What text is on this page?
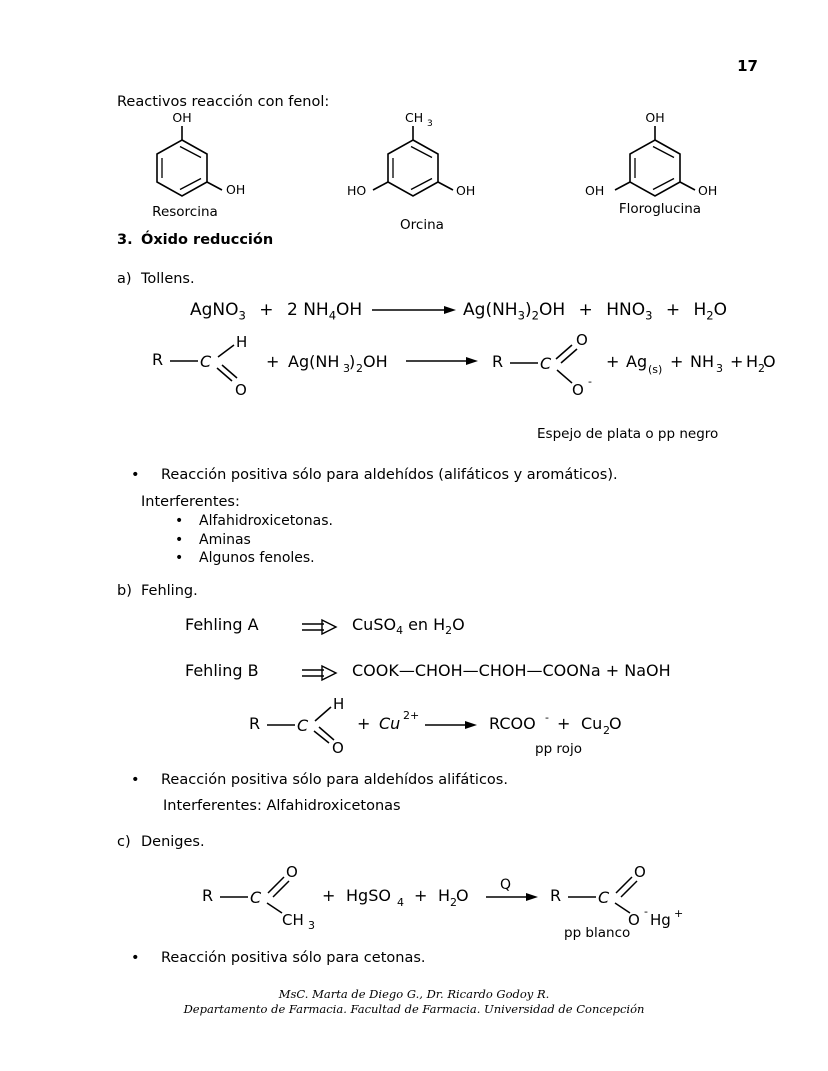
17
Reactivos reacción con fenol:
OH
OH
Resorcina
CH 3
HO	OH
Orcina
OH
OH	OH
Floroglucina
3. Óxido reducción
a) Tollens.
AgNO$_3$ + 2 $NH_4OH$	$Ag(NH_3)_2OH + HNO_3 + H_2O$
R C
H
O
+ Ag(NH 3 ) 2 OH	R C
O
O -
+ Ag (s) + NH 3 + H 2
O
Espejo de plata o pp negro
• Reacción positiva sólo para aldehídos (alifáticos y aromáticos).
Interferentes:
• Alfahidroxicetonas.
• Aminas
• Algunos fenoles.
b) Fehling.
Fehling A	CuSO$_4$ en $H_2O$
Fehling B	COOK—CHOH—CHOH—COONa + NaOH
R C
H
O
+ Cu 2+	RCOO - + Cu 2 O
pp rojo
• Reacción positiva sólo para aldehídos alifáticos.
Interferentes: Alfahidroxicetonas
c) Deniges.
R C
O
CH 3
+ HgSO 4 + H 2 O
Q
R C
O
O - Hg +
pp blanco
• Reacción positiva sólo para cetonas.
MsC. Marta de Diego G., Dr. Ricardo Godoy R.
Departamento de Farmacia. Facultad de Farmacia. Universidad de Concepción
